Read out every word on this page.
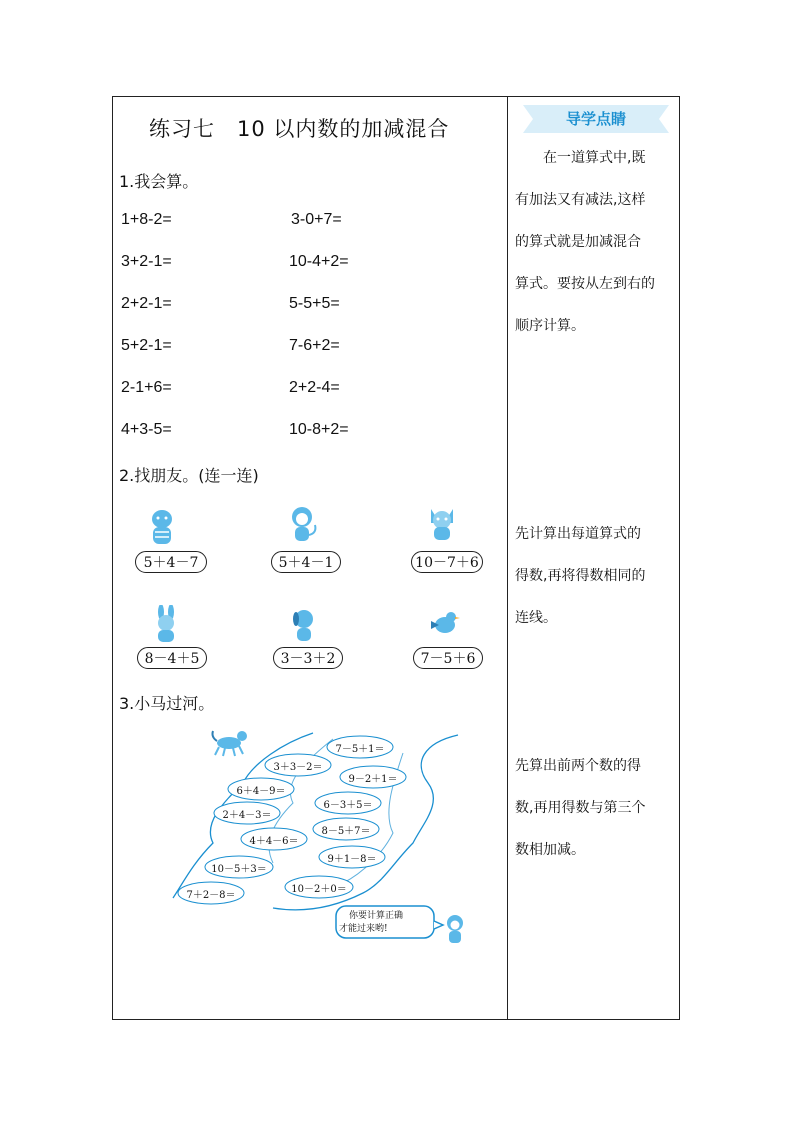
练习七 10 以内数的加减混合
1.我会算。
1+8-2=	3-0+7=
3+2-1=	10-4+2=
2+2-1=	5-5+5=
5+2-1=	7-6+2=
2-1+6=	2+2-4=
4+3-5=	10-8+2=
2.找朋友。(连一连)
5＋4－7	5＋4－1	10－7＋6
8－4＋5	3－3＋2	7－5＋6
3.小马过河。
7－5＋1＝
3＋3－2＝
9－2＋1＝
6＋4－9＝
6－3＋5＝
2＋4－3＝
8－5＋7＝
4＋4－6＝
9＋1－8＝
10－5＋3＝
10－2＋0＝
7＋2－8＝
你要计算正确
才能过来哟!
导学点睛

在一道算式中,既

有加法又有减法,这样

的算式就是加减混合

算式。要按从左到右的

顺序计算。

先计算出每道算式的

得数,再将得数相同的

连线。

先算出前两个数的得

数,再用得数与第三个

数相加减。
